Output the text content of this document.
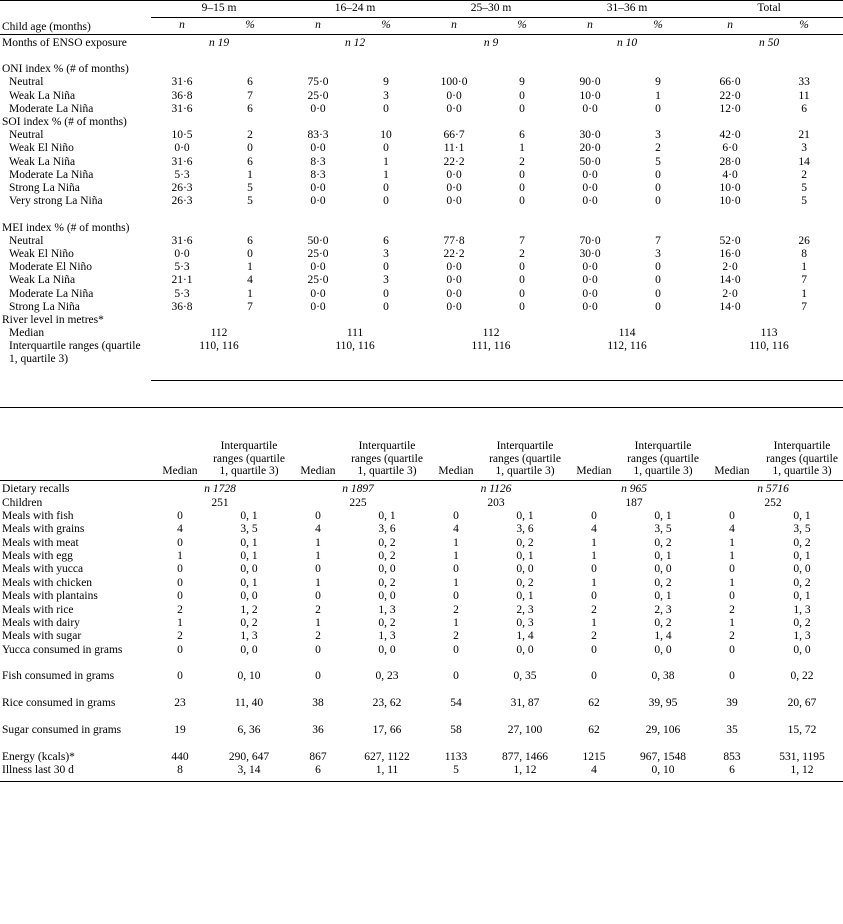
	9–15 m		16–24 m		25–30 m		31–36 m		Total	
Child age (months)	n	%	n	%	n	%	n	%	n	%
Months of ENSO exposure	n 19		n 12		n 9		n 10		n 50	

ONI index % (# of months)										
Neutral	31·6	6	75·0	9	100·0	9	90·0	9	66·0	33
Weak La Niña	36·8	7	25·0	3	0·0	0	10·0	1	22·0	11
Moderate La Niña	31·6	6	0·0	0	0·0	0	0·0	0	12·0	6
SOI index % (# of months)										
Neutral	10·5	2	83·3	10	66·7	6	30·0	3	42·0	21
Weak El Niño	0·0	0	0·0	0	11·1	1	20·0	2	6·0	3
Weak La Niña	31·6	6	8·3	1	22·2	2	50·0	5	28·0	14
Moderate La Niña	5·3	1	8·3	1	0·0	0	0·0	0	4·0	2
Strong La Niña	26·3	5	0·0	0	0·0	0	0·0	0	10·0	5
Very strong La Niña	26·3	5	0·0	0	0·0	0	0·0	0	10·0	5

MEI index % (# of months)										
Neutral	31·6	6	50·0	6	77·8	7	70·0	7	52·0	26
Weak El Niño	0·0	0	25·0	3	22·2	2	30·0	3	16·0	8
Moderate El Niño	5·3	1	0·0	0	0·0	0	0·0	0	2·0	1
Weak La Niña	21·1	4	25·0	3	0·0	0	0·0	0	14·0	7
Moderate La Niña	5·3	1	0·0	0	0·0	0	0·0	0	2·0	1
Strong La Niña	36·8	7	0·0	0	0·0	0	0·0	0	14·0	7
River level in metres*										
Median	112		111		112		114		113	
Interquartile ranges (quartile 1, quartile 3)	110, 116		110, 116		111, 116		112, 116		110, 116	

	Median	Interquartile ranges (quartile 1, quartile 3)	Median	Interquartile ranges (quartile 1, quartile 3)	Median	Interquartile ranges (quartile 1, quartile 3)	Median	Interquartile ranges (quartile 1, quartile 3)	Median	Interquartile ranges (quartile 1, quartile 3)
Dietary recalls	n 1728		n 1897		n 1126		n 965		n 5716	
Children	251		225		203		187		252	
Meals with fish	0	0, 1	0	0, 1	0	0, 1	0	0, 1	0	0, 1
Meals with grains	4	3, 5	4	3, 6	4	3, 6	4	3, 5	4	3, 5
Meals with meat	0	0, 1	1	0, 2	1	0, 2	1	0, 2	1	0, 2
Meals with egg	1	0, 1	1	0, 2	1	0, 1	1	0, 1	1	0, 1
Meals with yucca	0	0, 0	0	0, 0	0	0, 0	0	0, 0	0	0, 0
Meals with chicken	0	0, 1	1	0, 2	1	0, 2	1	0, 2	1	0, 2
Meals with plantains	0	0, 0	0	0, 0	0	0, 1	0	0, 1	0	0, 1
Meals with rice	2	1, 2	2	1, 3	2	2, 3	2	2, 3	2	1, 3
Meals with dairy	1	0, 2	1	0, 2	1	0, 3	1	0, 2	1	0, 2
Meals with sugar	2	1, 3	2	1, 3	2	1, 4	2	1, 4	2	1, 3
Yucca consumed in grams	0	0, 0	0	0, 0	0	0, 0	0	0, 0	0	0, 0

Fish consumed in grams	0	0, 10	0	0, 23	0	0, 35	0	0, 38	0	0, 22

Rice consumed in grams	23	11, 40	38	23, 62	54	31, 87	62	39, 95	39	20, 67

Sugar consumed in grams	19	6, 36	36	17, 66	58	27, 100	62	29, 106	35	15, 72

Energy (kcals)*	440	290, 647	867	627, 1122	1133	877, 1466	1215	967, 1548	853	531, 1195
Illness last 30 d	8	3, 14	6	1, 11	5	1, 12	4	0, 10	6	1, 12
